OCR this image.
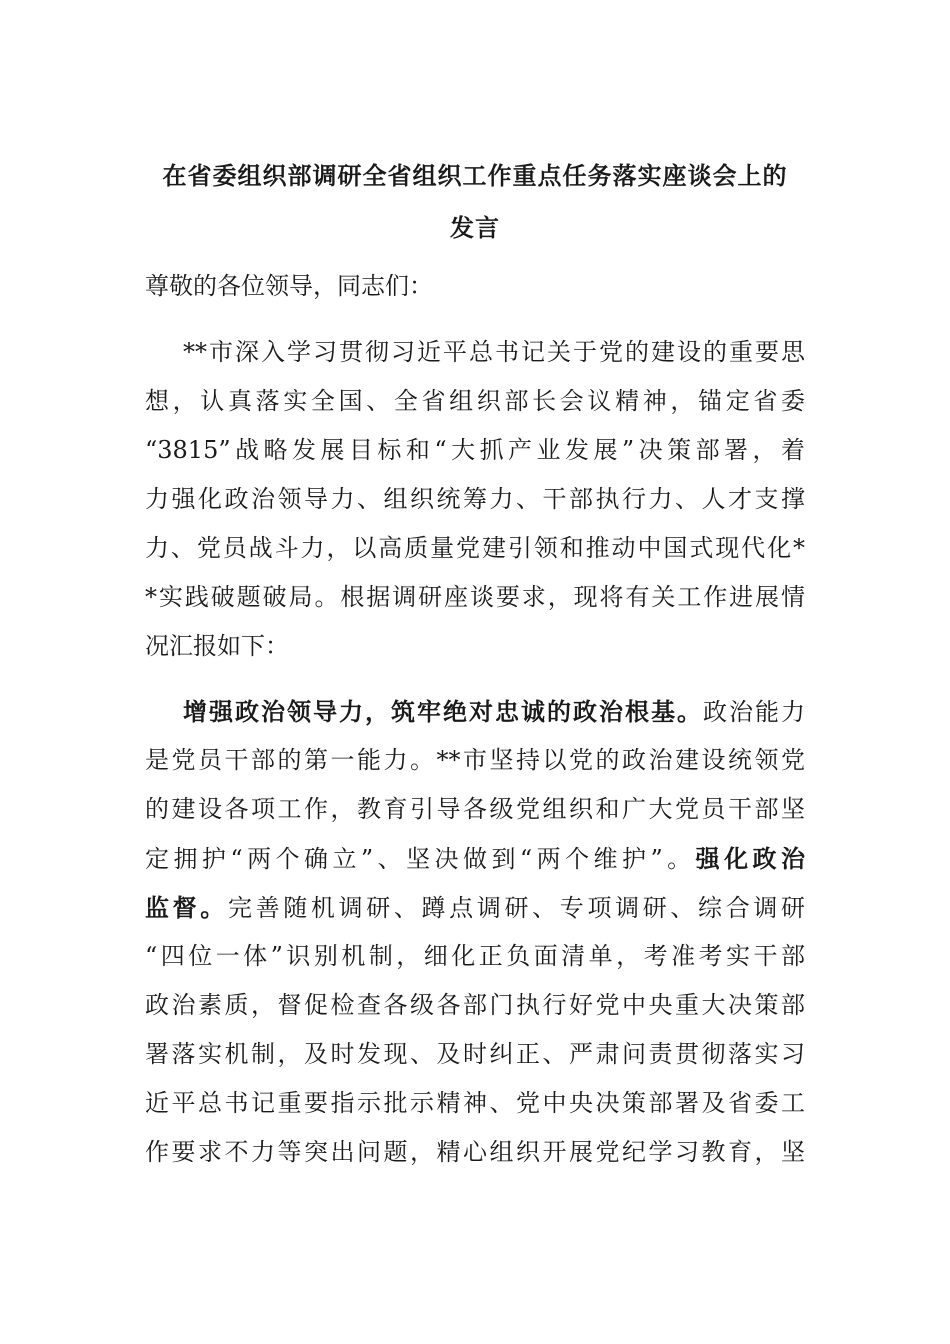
在省委组织部调研全省组织工作重点任务落实座谈会上的
发言
尊敬的各位领导，同志们：
**市深入学习贯彻习近平总书记关于党的建设的重要思
想，认真落实全国、全省组织部长会议精神，锚定省委
“3815”战略发展目标和“大抓产业发展”决策部署，着
力强化政治领导力、组织统筹力、干部执行力、人才支撑
力、党员战斗力，以高质量党建引领和推动中国式现代化*
*实践破题破局。根据调研座谈要求，现将有关工作进展情
况汇报如下：
增强政治领导力，筑牢绝对忠诚的政治根基。政治能力
是党员干部的第一能力。**市坚持以党的政治建设统领党
的建设各项工作，教育引导各级党组织和广大党员干部坚
定拥护“两个确立”、坚决做到“两个维护”。强化政治
监督。完善随机调研、蹲点调研、专项调研、综合调研
“四位一体”识别机制，细化正负面清单，考准考实干部
政治素质，督促检查各级各部门执行好党中央重大决策部
署落实机制，及时发现、及时纠正、严肃问责贯彻落实习
近平总书记重要指示批示精神、党中央决策部署及省委工
作要求不力等突出问题，精心组织开展党纪学习教育，坚
